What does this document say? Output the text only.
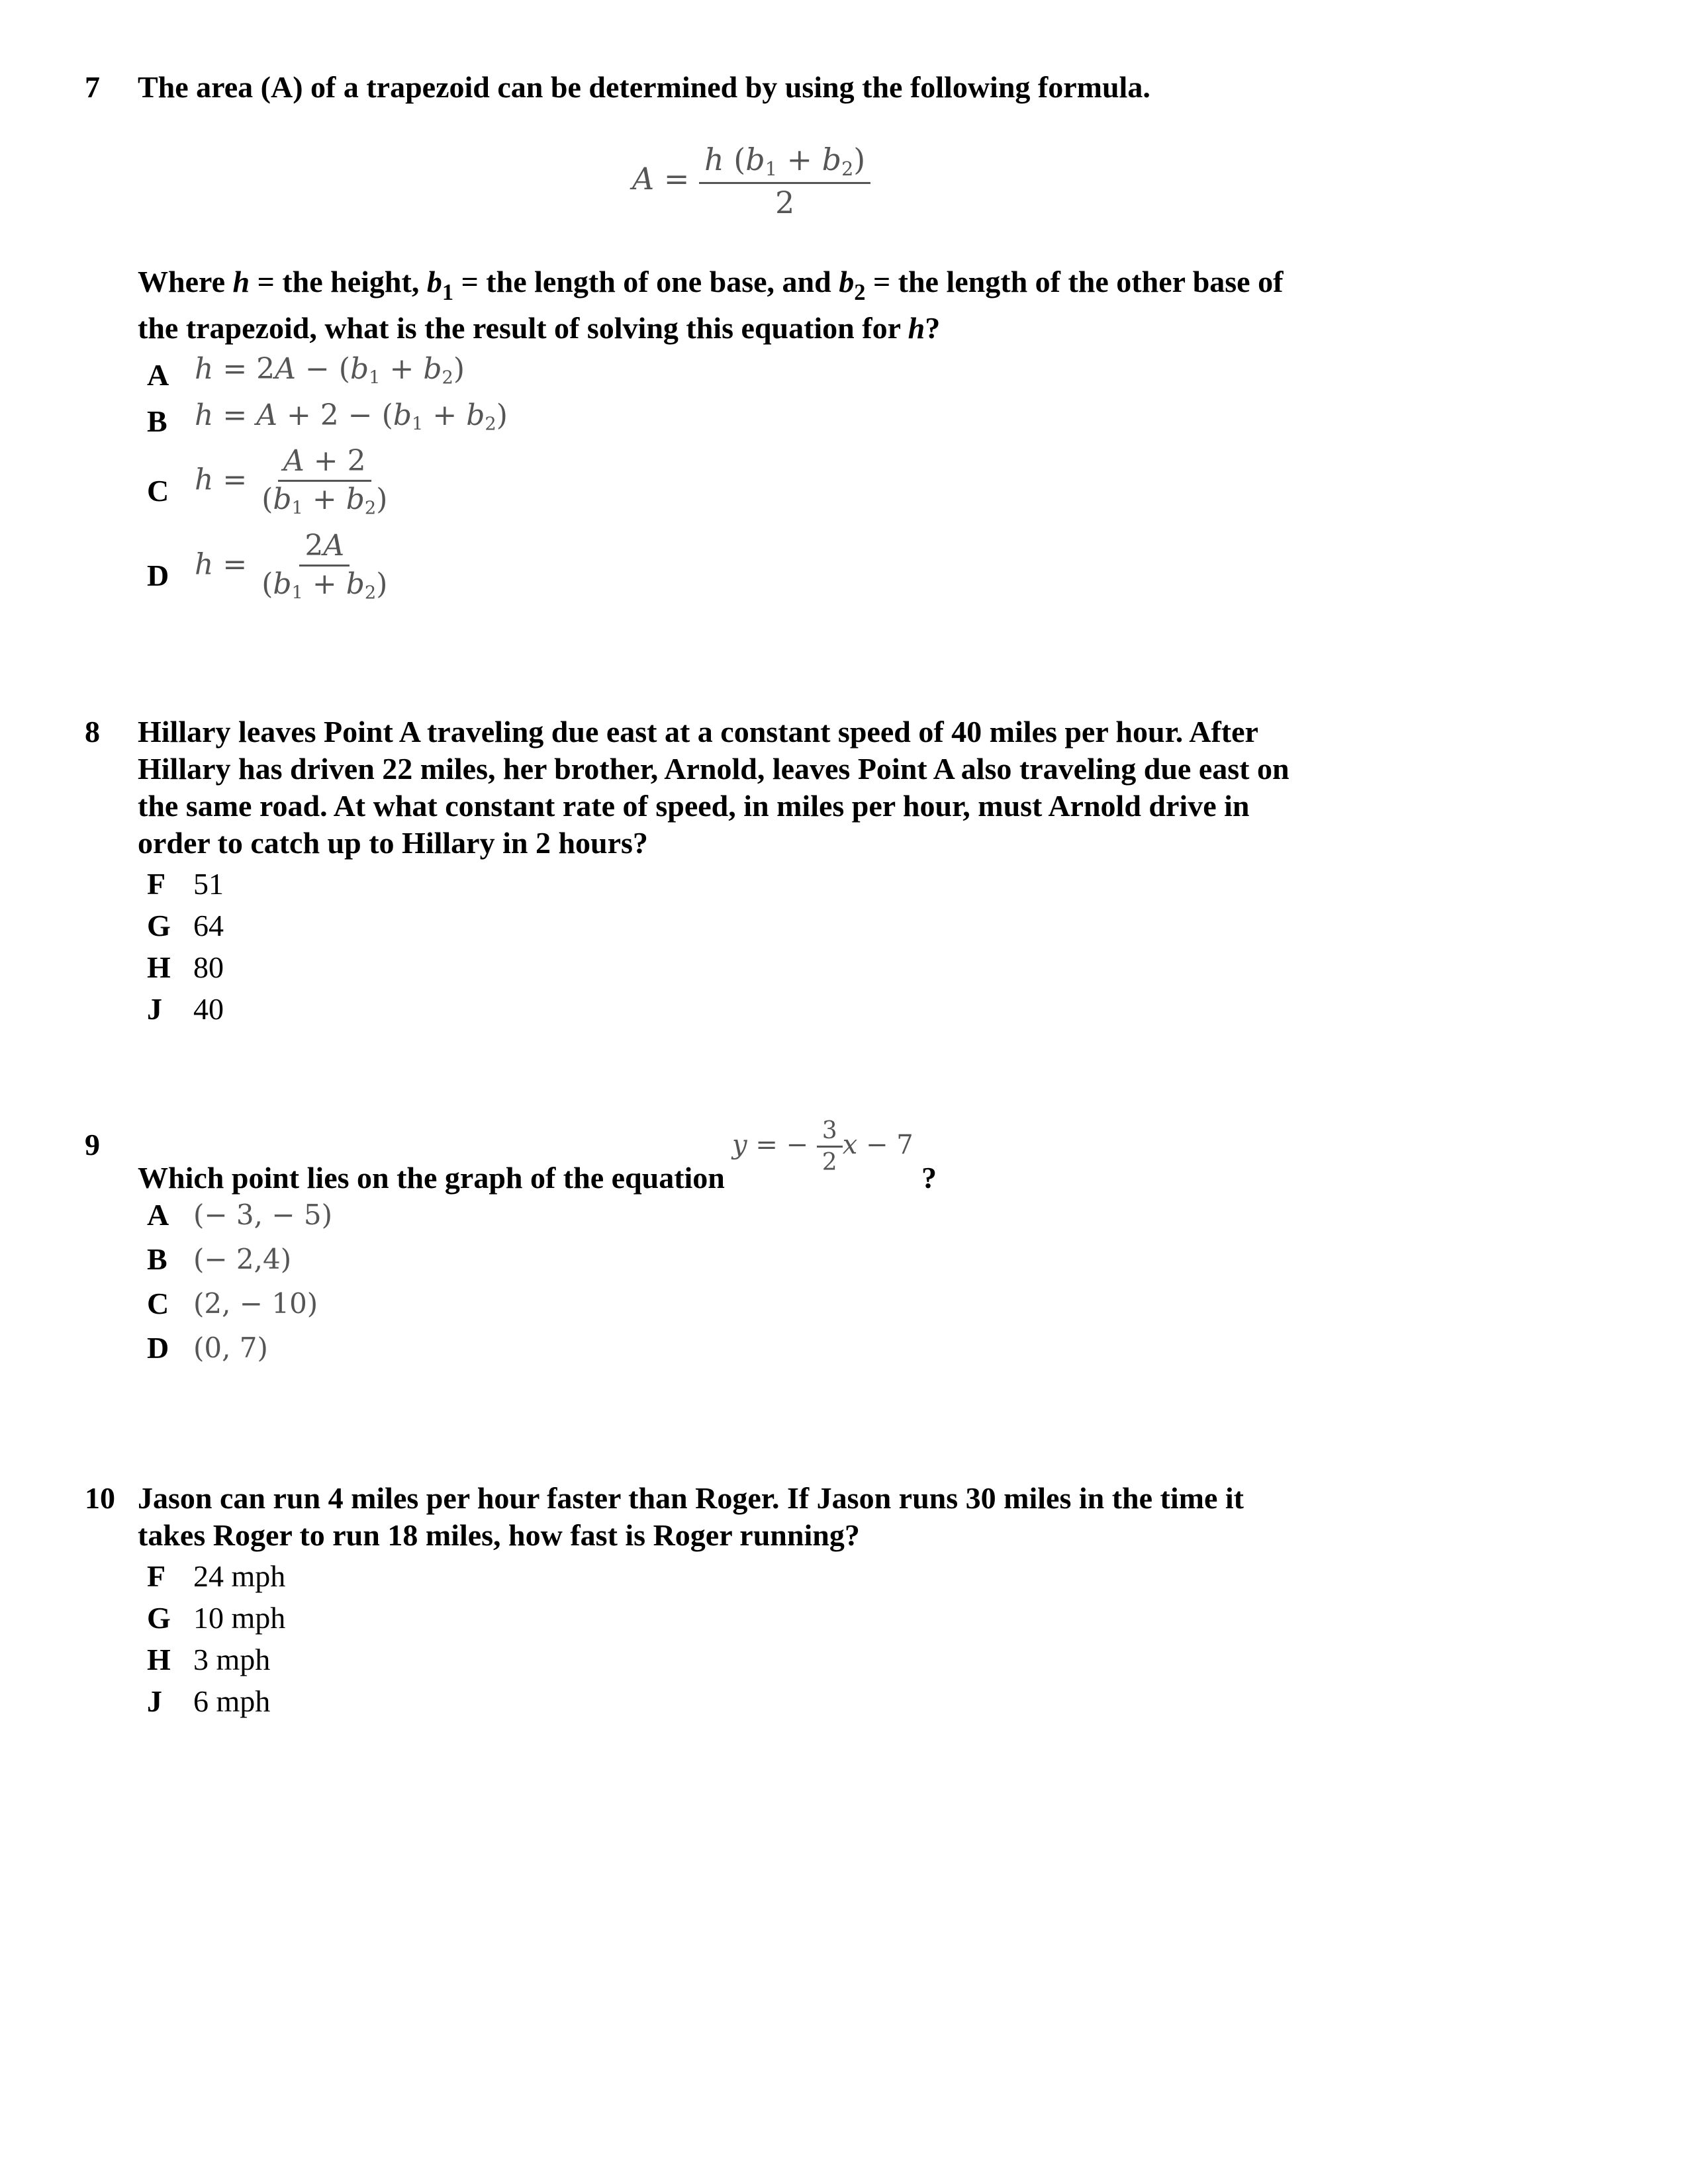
7 The area (A) of a trapezoid can be determined by using the following formula.
$A = \frac{h (b_1 + b_2)}{2}$
Where h = the height, $b_1$ = the length of one base, and $b_2$ = the length of the other base of
the trapezoid, what is the result of solving this equation for h?
A $h = 2A - (b_1 + b_2)$
B $h = A + 2 - (b_1 + b_2)$
C $h = \frac{A + 2}{(b_1 + b_2)}$
D $h = \frac{2A}{(b_1 + b_2)}$
8 Hillary leaves Point A traveling due east at a constant speed of 40 miles per hour. After
Hillary has driven 22 miles, her brother, Arnold, leaves Point A also traveling due east on
the same road. At what constant rate of speed, in miles per hour, must Arnold drive in
order to catch up to Hillary in 2 hours?
F 51
G 64
H 80
J	40
9
Which point lies on the graph of the equation
y = − $\frac{3}{2}$ x − 7
?
A (− 3, − 5)
B (− 2,4)
C (2, − 10)
D (0, 7)
10 Jason can run 4 miles per hour faster than Roger. If Jason runs 30 miles in the time it
takes Roger to run 18 miles, how fast is Roger running?
F 24 mph
G 10 mph
H 3 mph
J	6 mph
